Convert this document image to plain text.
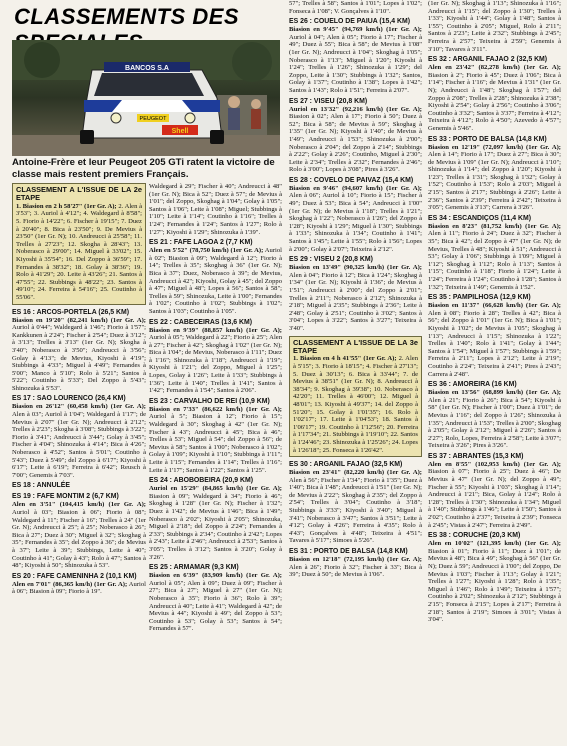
CLASSEMENTS DES
BANCOS S.A
PEUGEOT
Shell
Antoine-Frère et leur Peugeot 205 GTi ratent la victoire de classe mais restent premiers Français.
CLASSEMENT A L'ISSUE DE LA 2e ETAPE
1. Biasion en 2 h 58'27" (1er Gr. A); 2. Alen à 3'53"; 3. Auriol à 4'12"; 4. Waldegard à 8'58"; 5. Fiorio à 14'22"; 6. Fischer à 19'15"; 7. Duez à 20'40"; 8. Bica à 23'50"; 9. De Mevius à 23'50" (1er Gr. N); 10. Andreucci à 25'58"; 11. Trelles à 27'23"; 12. Skogha à 28'43"; 13. Noberasco à 29'00"; 14. Miguel à 33'02"; 15. Kiyoshi à 35'54"; 16. Del Zoppo à 36'59"; 17. Fernandes à 38'32"; 18. Golay à 38'36"; 19. Rolo à 41'29"; 20. Leite à 43'26"; 21. Santos à 47'55"; 22. Stubbings à 48'22"; 23. Santos à 49'10"; 24. Ferreira à 54'16"; 25. Coutinho à 55'06".
ES 16 : ARCOS-PORTELA (26,5 KM)
Biasion en 19'20" (82,241 km/h) (1er Gr. A); Auriol à 0'44"; Waldegard à 1'46"; Fiorio à 1'57"; Kankkunen à 2'24"; Fischer à 2'54"; Duez à 3'12"; à 3'13"; Trelles à 3'13" (1er Gr. N); Skogha à 3'40"; Noberasco à 3'50"; Andreucci à 3'56"; Golay à 4'13"; de Mevius, Kiyoshi à 4'19"; Stubbings à 4'33"; Miguel à 4'49"; Fernandes à 5'00"; Manco à 5'10"; Rolo à 5'21"; Santos à 5'22"; Coutinho à 5'33"; Del Zoppo à 5'43"; Shinozuka à 5'53".
ES 17 : SAO LOURENCO (26,4 KM)
Biasion en 26'12" (60,458 km/h) (1er Gr. A); Alen à 03"; Auriol à 1'04"; Waldegard à 1'17"; de Mevius à 2'07" (1er Gr. N); Andreucci à 2'12"; Trelles à 2'23"; Skogha à 3'08"; Stubbings à 3'22"; Fiorio à 3'41"; Andreucci à 3'44"; Golay à 3'45"; Fischer à 4'04"; Shinozuka à 4'14"; Bica à 4'26"; Noberasco à 4'52"; Santos à 5'01"; Coutinho à 5'43"; Duez à 5'49"; del Zoppo à 6'17"; Kiyoshi à 6'17"; Leite à 6'19"; Ferreira à 6'42"; Reusch à 7'00"; Genemis à 7'03".
ES 18 : ANNULÉE
ES 19 : FAFE MONTIM 2 (6,7 KM)
Alen en 3'51" (104,415 km/h) (1er Gr. A); Auriol à 03"; Biasion à 06"; Fiorio à 08"; Waldegard à 11"; Fischer à 16"; Trelles à 24" (1er Gr. N); Andreucci à 25"; à 25"; Noberasco à 26"; Bica à 27"; Duez à 30"; Miguel à 32"; Skoghag à 35"; Fernandes à 35"; del Zoppo à 36"; de Mevius à 37"; Leite à 39"; Stubbings, Leite à 40"; Coutinho à 41"; Golay à 43"; Rolo à 47"; Santos à 48"; Kiyoshi à 50"; Shinozuka à 53".
ES 20 : FAFE CAMENINHA 2 (10,1 KM)
Alen en 7'01" (86,365 km/h) (1er Gr. A); Auriol à 06"; Biasion à 09"; Fiorio à 19".
Waldegard à 29"; Fischer à 40"; Andreucci à 48" (1er Gr. N); Bica à 52"; Duez à 57"; de Mevius à 1'01"; del Zoppo, Skoghag à 1'04"; Golay à 1'05"; Santos à 1'06"; Leite à 1'08"; Miguel; Stubbings à 1'10"; Leite à 1'14"; Coutinho à 1'16"; Trelles à 1'24"; Fernandes à 1'24"; Santos à 1'27"; Rolo à 1'27"; Kiyoshi à 1'29"; Shinozuka à 1'39".
ES 21 : FAFE LAGOA 2 (7,7 KM)
Alen en 5'52" (78,750 km/h) (1er Gr. A); Auriol à 02"; Biasion à 09"; Waldegard à 12"; Fiorio à 14"; Trelles à 35"; Skoghag à 36" (1er Gr. N); Bica à 37"; Duez, Noberasco à 39"; de Mevius, Andreucci à 42"; Kiyoshi, Golay à 45"; del Zoppo à 47"; Miguel à 48"; Lopes à 56"; Santos à 58"; Trelles à 59"; Shinozuka, Leite à 1'00"; Fernandes à 1'02"; Coutinho à 1'02"; Stubbings à 1'02"; Santos à 1'03"; Coutinho à 1'05".
ES 22 : CABECEIRAS (13,6 KM)
Biasion en 9'39" (88,857 km/h) (1er Gr. A); Auriol à 05"; Waldegard à 22"; Fiorio à 25"; Alen à 27"; Fischer à 42"; Skoghag à 1'02" (1er Gr. N); Bica à 1'04"; de Mevius, Noberasco à 1'11"; Duez à 1'16"; Shinozuka à 1'18"; Andreucci à 1'19"; Kiyoshi à 1'21"; del Zoppo, Miguel à 1'25"; Lopes, Golay à 1'26"; Leite à 1'33"; Stubbings à 1'36"; Leite à 1'40"; Trelles à 1'41"; Santos à 1'42"; Fernandes à 1'54"; Santos à 2'06".
ES 23 : CARVALHO DE REI (10,9 KM)
Biasion en 7'33" (86,622 km/h) (1er Gr. A); Auriol à 5"; Biasion à 12"; Fiorio à 15"; Waldegard à 30"; Skoghag à 42" (1er Gr. N); Fischer à 43"; Andreucci à 45"; Bica à 46"; Trelles à 53"; Miguel à 54"; del Zoppo à 56"; de Mevius à 58"; Santos à 1'00"; Noberasco à 1'02"; Golay à 1'09"; Kiyoshi à 1'10"; Stubbings à 1'11"; Leite à 1'15"; Fernandes à 1'14"; Trelles à 1'16"; Leite à 1'17"; Santos à 1'22"; Santos à 1'25".
ES 24 : ABOBOBEIRA (20,9 KM)
Auriol en 15'29" (84,865 km/h) (1er Gr. A); Biasion à 09"; Waldegard à 34"; Fiorio à 46"; Skoghag à 1'28" (1er Gr. N); Fischer à 1'32"; Duez à 1'42"; de Mevius à 1'46"; Bica à 1'49"; Noberasco à 2'02"; Kiyoshi à 2'05"; Shinozuka, Miguel à 2'18"; del Zoppo à 2'24"; Fernandes à 2'33"; Stubbings à 2'34"; Coutinho à 2'42"; Lopes à 2'43"; Leite à 2'46"; Andreucci à 2'53"; Santos à 3'05"; Trelles à 3'12"; Santos à 3'20"; Golay à 3'26".
ES 25 : ARMAMAR (9,3 KM)
Biasion en 6'39" (83,909 km/h) (1er Gr. A); Auriol à 05"; Alen à 09"; Duez à 09"; Fischer à 27"; Bica à 27"; Miguel à 27" (1er Gr. N); Noberasco à 35"; Fiorio à 36"; Rolo à 39"; Andreucci à 40"; Leite à 41"; Waldegard à 42"; de Mevius à 44"; Kiyoshi à 49"; del Zoppo à 53"; Coutinho à 53"; Golay à 53"; Santos à 54"; Fernandes à 57".
57"; Trelles à 58"; Santos à 1'01"; Lopes à 1'02"; Fonseca à 1'08"; V. Gonçalves à 1'10".
ES 26 : COUELO DE PAIUA (15,4 KM)
Biasion en 9'45" (94,769 km/h) (1er Gr. A); Auriol à 04"; Alen à 05"; Fiorio à 17"; Fischer à 49"; Duez à 55"; Bica à 58"; de Mevius à 1'08" (1er Gr. N); Andreucci à 1'04"; Skoghag à 1'05"; Noberasco à 1'13"; Miguel à 1'20"; Kiyoshi à 1'24"; Trelles à 1'26"; Shinozuka à 1'29"; del Zoppo, Leite à 1'30"; Stubbings à 1'32"; Santos, Golay à 1'37"; Coutinho à 1'38"; Lopes à 1'42"; Santos à 1'43"; Rolo à 1'51"; Ferreira à 2'07".
ES 27 : VISEU (20,8 KM)
Auriol en 13'32" (92,216 km/h) (1er Gr. A); Biasion à 02"; Alen à 17"; Fiorio à 50"; Duez à 52"; Bica à 58"; de Mevius à 59"; Skoghag à 1'35" (1er Gr. N); Kiyoshi à 1'40"; de Mevius à 1'49"; Andreucci à 1'53"; Shinozuka à 2'00"; Noberasco à 2'04"; del Zoppo à 2'14"; Stubbings à 2'22"; Golay à 2'26"; Coutinho, Miguel à 2'30"; Leite à 2'34"; Trelles à 2'32"; Fernandes à 2'46"; Rolo à 3'00"; Lopes à 3'08"; Pires à 3'26".
ES 28 : COVELO DE PAIVAZ (15,4 KM)
Biasion en 9'46" (94,607 km/h) (1er Gr. A); Alen à 06"; Auriol à 10"; Fiorio à 15"; Fischer à 49"; Duez à 53"; Bica à 54"; Andreucci à 1'00" (1er Gr. N); de Mevius à 1'18"; Trelles à 1'21"; Skoghag à 1'22"; Noberasco à 1'26"; del Zoppo à 1'28"; Kiyoshi à 1'29"; Miguel à 1'30"; Stubbings à 1'33"; Shinozuka à 1'34"; Coutinho à 1'41"; Santos à 1'45"; Leite à 1'55"; Rolo à 1'56"; Lopes à 2'00"; Golay à 2'07"; Teixeira à 2'12".
ES 29 : VISEU 2 (20,8 KM)
Biasion en 13'49" (90,325 km/h) (1er Gr. A); Alen à 04"; Fiorio à 12"; Bica à 1'24"; Skoghag à 1'34" (1er Gr. N); Kiyoshi à 1'36"; de Mevius à 1'51"; Andreucci à 2'00"; del Zoppo à 2'01"; Trelles à 2'11"; Noberasco à 2'12"; Shinozuka à 2'18"; Miguel à 2'35"; Stubbings à 2'36"; Leite à 2'48"; Golay à 2'51"; Coutinho à 3'02"; Santos à 3'04"; Lopes à 3'22"; Santos à 3'27"; Teixeira à 3'40".
CLASSEMENT A L'ISSUE DE LA 3e ETAPE
1. Biasion en 4 h 41'55" (1er Gr. A); 2. Alen à 5'15"; 3. Fiorio à 18'15"; 4. Fischer à 27'13"; 5. Duez à 30'13"; 6. Bica à 33'44"; 7. de Mevius à 38'51" (1er Gr. N); 8. Andreucci à 38'34"; 9. Skoghag à 39'38"; 10. Noberasco à 42'20"; 11. Trelles à 46'00"; 12. Miguel à 48'01"; 13. Kiyoshi à 49'37"; 14. del Zoppo à 51'20"; 15. Golay à 1'01'35"; 16. Rolo à 1'02'17"; 17. Leite à 1'04'53"; 18. Santos à 1'06'17"; 19. Coutinho à 1'12'56"; 20. Ferreira à 1'17'34"; 21. Stubbings à 1'19'10"; 22. Santos à 1'24'46"; 23. Shinozuka à 1'25'26"; 24. Lopes à 1'26'18"; 25. Fonseca à 1'26'42".
ES 30 : ARGANIL FAJAO (32,5 KM)
Biasion en 23'41" (82,220 km/h) (1er Gr. A); Alen à 56"; Fischer à 1'34"; Fiorio à 1'35"; Duez à 1'40"; Bica à 1'48"; Andreucci à 1'51" (1er Gr. N); de Mevius à 2'22"; Skoghag à 2'35"; del Zoppo à 2'54"; Trelles à 3'04"; Coutinho à 3'18"; Stubbings à 3'33"; Kiyoshi à 3'40"; Miguel à 3'41"; Noberasco à 3'47"; Santos à 3'51"; Leite à 4'12"; Golay à 4'26"; Ferreira à 4'35"; Rolo à 4'43"; Gonçalves à 4'48"; Teixeira à 4'51"; Tavares à 5'17"; Simoes à 5'26".
ES 31 : PORTO DE BALSA (14,8 KM)
Biasion en 12'18" (72,195 km/h) (1er Gr. A); Alen à 26"; Fiorio à 32"; Fischer à 33"; Bica à 39"; Duez à 50"; de Mevius à 1'06".
(1er Gr. N); Skoghag à 1'13"; Shinozuka à 1'16"; Andreucci à 1'15"; del Zoppo à 1'30"; Trelles à 1'33"; Kiyoshi à 1'44"; Golay à 1'48"; Santos à 1'55"; Coutinho à 2'05"; Miguel, Rolo à 2'11"; Santos à 2'23"; Leite à 2'32"; Stubbings à 2'45"; Ferreira à 2'57"; Teixeira à 2'59"; Genemis à 3'10"; Tavares à 3'11".
ES 32 : ARGANIL FAJAO 2 (32,5 KM)
Alen en 23'42" (82,278 km/h) (1er Gr. A); Biasion à 2"; Fiorio à 45"; Duez à 1'06"; Bica à 1'14"; Fischer à 1'16"; de Mevius à 1'31" (1er Gr. N); Andreucci à 1'48"; Skoghag à 1'57"; del Zoppo à 2'08"; Trelles à 2'28"; Shinozuka à 2'38"; Kiyoshi à 2'54"; Golay à 2'56"; Coutinho à 3'06"; Coutinho à 3'32"; Santos à 3'37"; Ferreira à 4'12"; Teixeira à 4'12"; Rolo à 4'50"; Azevedo à 4'57"; Genemis à 5'46".
ES 33 : PORTO DE BALSA (14,8 KM)
Biasion en 12'19" (72,097 km/h) (1er Gr. A); Alen à 14"; Fiorio à 17"; Duez à 27"; Bica à 30"; de Mevius à 1'09" (1er Gr. N); Andreucci à 1'10"; Shinozuka à 1'14"; del Zoppo à 1'20"; Kiyoshi à 1'23"; Trelles à 1'31"; Skoghag à 1'32"; Golay à 1'52"; Coutinho à 1'53"; Rolo à 2'03"; Miguel à 2'15"; Santos à 2'17"; Stubbings à 2'26"; Leite à 2'36"; Santos à 2'39"; Ferreira à 2'42"; Teixeira à 3'05"; Genemis à 3'13"; Carrera à 3'26".
ES 34 : ESCANDIÇOS (11,4 KM)
Biasion en 8'23" (81,752 km/h) (1er Gr. A); Alen à 11"; Fiorio à 24"; Duez à 32"; Fischer à 35"; Bica à 42"; del Zoppo à 47" (1er Gr. N); de Mevius, Trelles à 48"; Kiyoshi à 51"; Andreucci à 53"; Golay à 1'06"; Stubbings à 1'09"; Miguel à 1'12"; Skoghag à 1'12"; Rolo à 1'13"; Santos à 1'15"; Coutinho à 1'18"; Fiorio à 1'24"; Leite à 1'24"; Ferreira à 1'24"; Coutinho à 1'28"; Santos à 1'32"; Teixeira à 1'49"; Genemis à 1'52".
ES 35 : PAMPILHOSA (12,9 KM)
Biasion en 11'37" (66,628 km/h) (1er Gr. A); Alen à 08"; Fiorio à 28"; Trelles à 42"; Bica à 56"; del Zoppo à 1'01" (1er Gr. N); Bica à 1'01"; Kiyoshi à 1'02"; de Mevius à 1'05"; Skoghag à 1'13"; Andreucci à 1'15"; Shinozuka à 1'22"; Trelles à 1'40"; Rolo à 1'41"; Golay à 1'44"; Santos à 1'54"; Miguel à 1'57"; Stubbings à 1'59"; Ferreira à 2'11"; Lopes à 2'12"; Leite à 2'19"; Coutinho à 2'24"; Teixeira à 2'41"; Pires à 2'43"; Carrera à 2'48".
ES 36 : AMOREIRA (16 KM)
Biasion en 13'56" (68,899 km/h) (1er Gr. A); Alen à 21"; Fiorio à 26"; Bica à 54"; Kiyoshi à 58" (1er Gr. N); Fischer à 1'00"; Duez à 1'01"; de Mevius à 1'16"; del Zoppo à 1'26"; Shinozuka à 1'35"; Andreucci à 1'53"; Trelles à 2'00"; Skoghag à 2'05"; Golay à 2'12"; Miguel à 2'26"; Santos à 2'27"; Rolo, Lopes, Ferreira à 2'58"; Leite à 3'07"; Teixeira à 3'26"; Pires à 3'26".
ES 37 : ABRANTES (15,3 KM)
Alen en 8'55" (102,953 km/h) (1er Gr. A); Biasion à 07"; Fiorio à 25"; Duez à 46"; De Mevius à 47" (1er Gr. N); del Zoppo à 49"; Fischer à 55"; Kiyoshi à 1'03"; Skoghag à 1'14"; Andreucci à 1'21"; Bica, Golay à 1'24"; Rolo à 1'28"; Trelles à 1'30"; Shinozuka à 1'34"; Miguel à 1'40"; Stubbings à 1'46"; Leite à 1'50"; Santos à 2'02"; Coutinho à 2'37"; Teixeira à 2'39"; Fonseca à 2'45"; Vistas à 2'47"; Ferreira à 2'49".
ES 38 : CORUCHE (20,3 KM)
Alen en 10'02" (121,395 km/h) (1er Gr. A); Biasion à 01"; Fiorio à 11"; Duez à 1'01"; de Mevius à 48"; Bica à 49"; Skoghag à 56" (1er Gr. N); Duez à 59"; Andreucci à 1'00"; del Zoppo, De Mevius à 1'03"; Fischer à 1'13"; Golay à 1'21"; Trelles à 1'27"; Kiyoshi à 1'28"; Rolo à 1'35"; Miguel à 1'46"; Rolo à 1'49"; Teixeira à 1'57"; Coutinho à 2'02"; Shinozuka à 2'12"; Stubbings à 2'15"; Fonseca à 2'15"; Lopes à 2'17"; Ferreira à 2'18"; Santos à 2'19"; Simoes à 3'01"; Vistas à 3'04".
